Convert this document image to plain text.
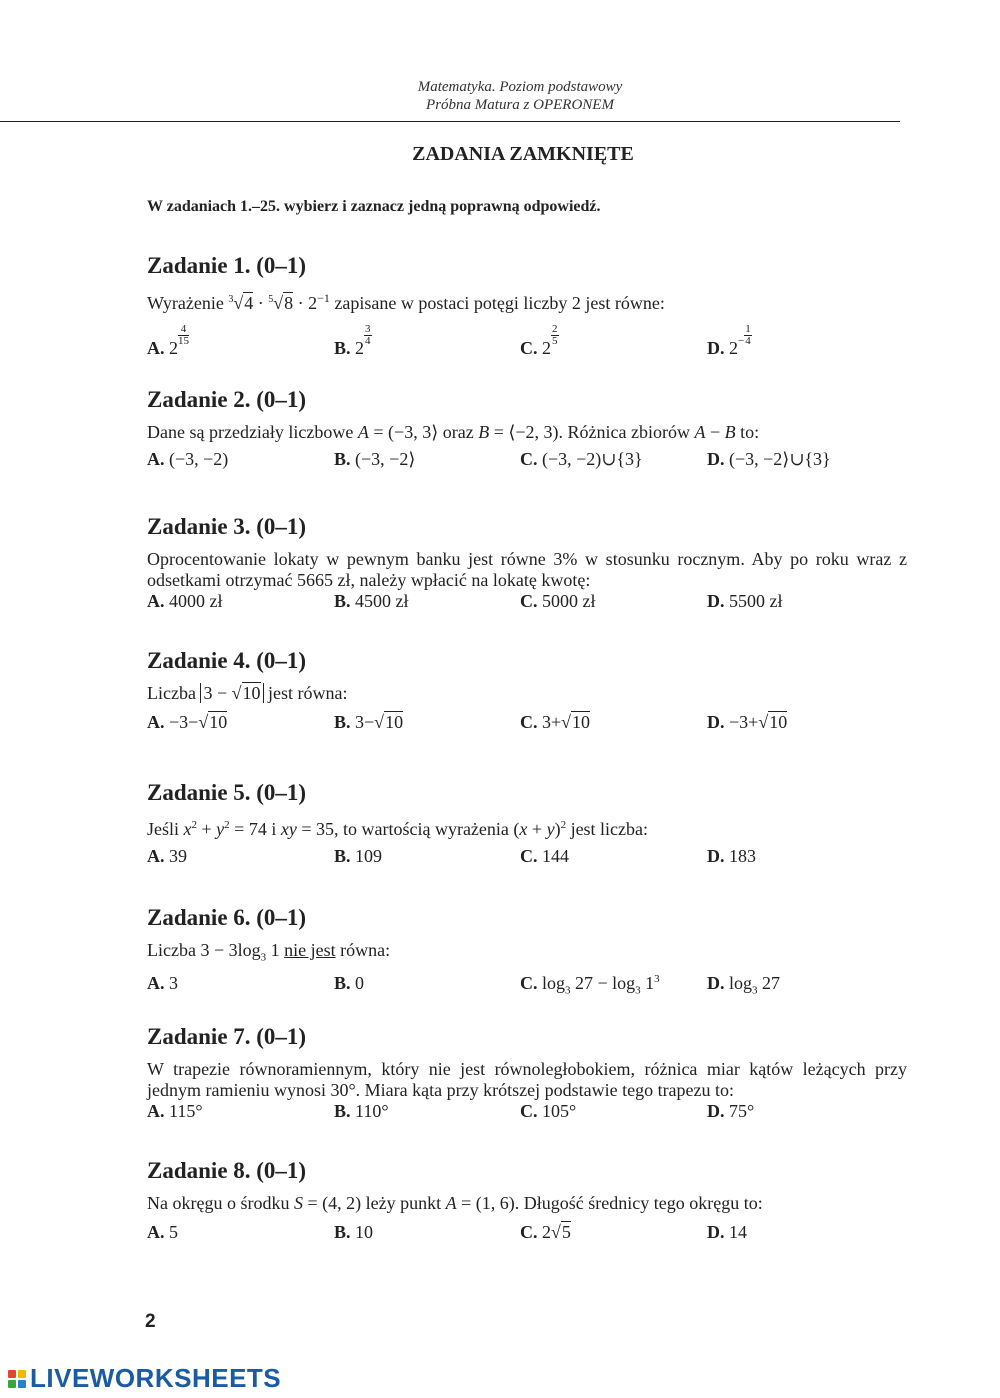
Matematyka. Poziom podstawowy
Próbna Matura z OPERONEM
ZADANIA ZAMKNIĘTE
W zadaniach 1.–25. wybierz i zaznacz jedną poprawną odpowiedź.
Zadanie 1. (0–1)
Wyrażenie $^3√4 \cdot ^5√8 \cdot 2^{-1}$ zapisane w postaci potęgi liczby 2 jest równe:
A. 2
$\frac{4}{15}$
B. 2
$\frac{3}{4}$
C. 2
$\frac{2}{5}$
D. $2- \frac{1}{4}$
Zadanie 2. (0–1)
Dane są przedziały liczbowe A = (−3, 3⟩ oraz B = ⟨−2, 3). Różnica zbiorów A − B to:
A. (−3, −2)	B. (−3, −2⟩	C. (−3, −2)∪{3}	D. (−3, −2⟩∪{3}
Zadanie 3. (0–1)
Oprocentowanie lokaty w pewnym banku jest równe 3% w stosunku rocznym. Aby po roku wraz z odsetkami otrzymać 5665 zł, należy wpłacić na lokatę kwotę:
A. 4000 zł	B. 4500 zł	C. 5000 zł	D. 5500 zł
Zadanie 4. (0–1)
Liczba 3 − √10 jest równa:
A. −3−√10	B. 3−√10	C. 3+√10	D. −3+√10
Zadanie 5. (0–1)
Jeśli $x^2 + y^2 = 74$ i xy = 35, to wartością wyrażenia $(x + y)^2$ jest liczba:
A. 39	B. 109	C. 144	D. 183
Zadanie 6. (0–1)
Liczba $3 - 3\log_3$ 1 nie jest równa:
A. 3	B. 0	C. $\log_3 27 - \log_3 1^3$	D. $\log_3 27$
Zadanie 7. (0–1)
W trapezie równoramiennym, który nie jest równoległobokiem, różnica miar kątów leżących przy jednym ramieniu wynosi 30°. Miara kąta przy krótszej podstawie tego trapezu to:
A. 115°	B. 110°	C. 105°	D. 75°
Zadanie 8. (0–1)
Na okręgu o środku S = (4, 2) leży punkt A = (1, 6). Długość średnicy tego okręgu to:
A. 5	B. 10	C. 2√5	D. 14
2
LIVEWORKSHEETS
